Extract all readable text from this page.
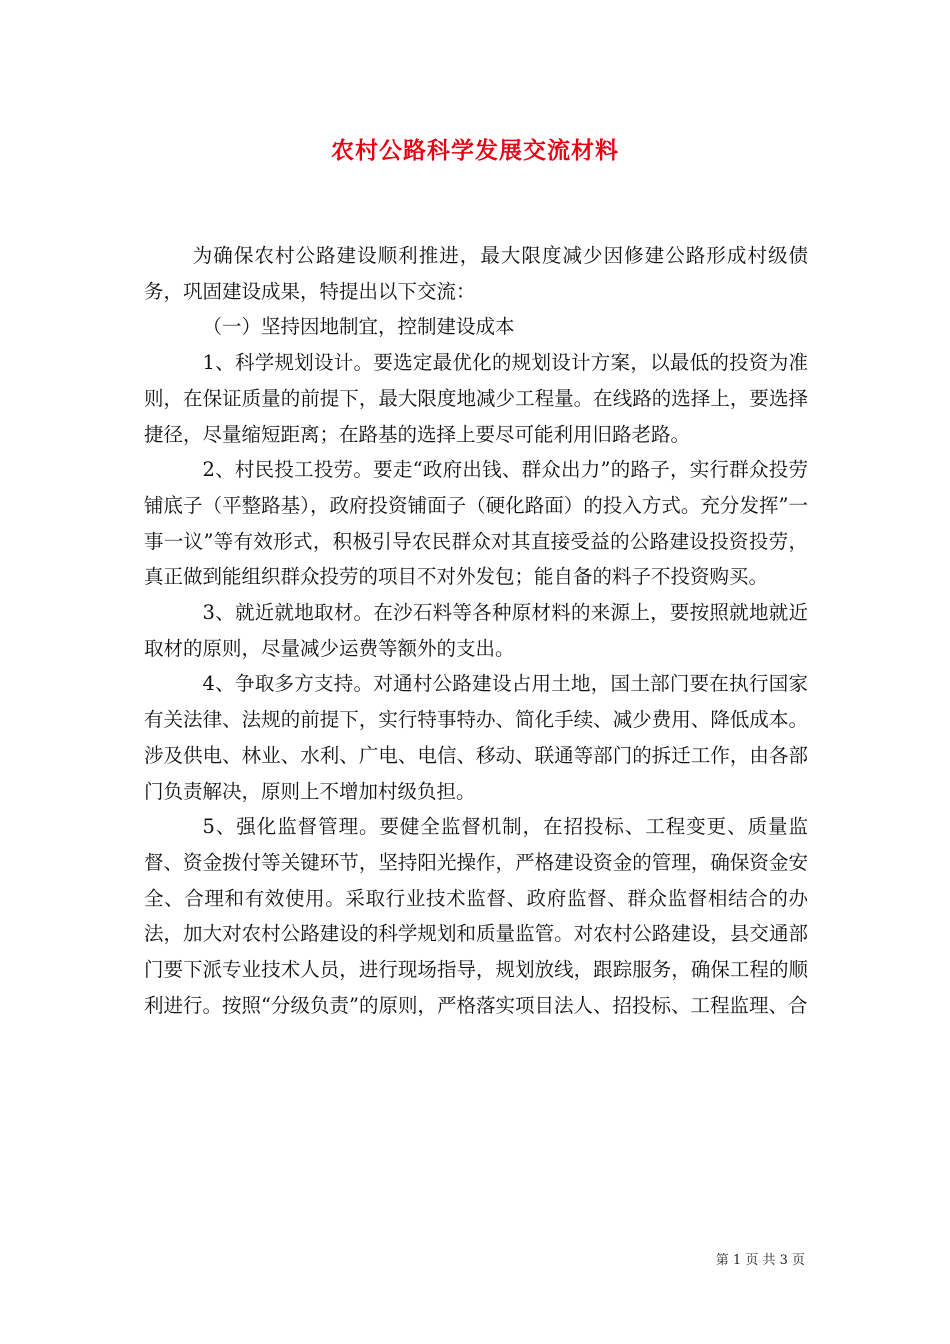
农村公路科学发展交流材料

为确保农村公路建设顺利推进，最大限度减少因修建公路形成村级债务，巩固建设成果，特提出以下交流：

（一）坚持因地制宜，控制建设成本

1、科学规划设计。要选定最优化的规划设计方案，以最低的投资为准则，在保证质量的前提下，最大限度地减少工程量。在线路的选择上，要选择捷径，尽量缩短距离；在路基的选择上要尽可能利用旧路老路。

2、村民投工投劳。要走“政府出钱、群众出力”的路子，实行群众投劳铺底子（平整路基），政府投资铺面子（硬化路面）的投入方式。充分发挥”一事一议”等有效形式，积极引导农民群众对其直接受益的公路建设投资投劳，真正做到能组织群众投劳的项目不对外发包；能自备的料子不投资购买。

3、就近就地取材。在沙石料等各种原材料的来源上，要按照就地就近取材的原则，尽量减少运费等额外的支出。

4、争取多方支持。对通村公路建设占用土地，国土部门要在执行国家有关法律、法规的前提下，实行特事特办、简化手续、减少费用、降低成本。涉及供电、林业、水利、广电、电信、移动、联通等部门的拆迁工作，由各部门负责解决，原则上不增加村级负担。

5、强化监督管理。要健全监督机制，在招投标、工程变更、质量监督、资金拨付等关键环节，坚持阳光操作，严格建设资金的管理，确保资金安全、合理和有效使用。采取行业技术监督、政府监督、群众监督相结合的办法，加大对农村公路建设的科学规划和质量监管。对农村公路建设，县交通部门要下派专业技术人员，进行现场指导，规划放线，跟踪服务，确保工程的顺利进行。按照“分级负责”的原则，严格落实项目法人、招投标、工程监理、合

第 1 页 共 3 页
